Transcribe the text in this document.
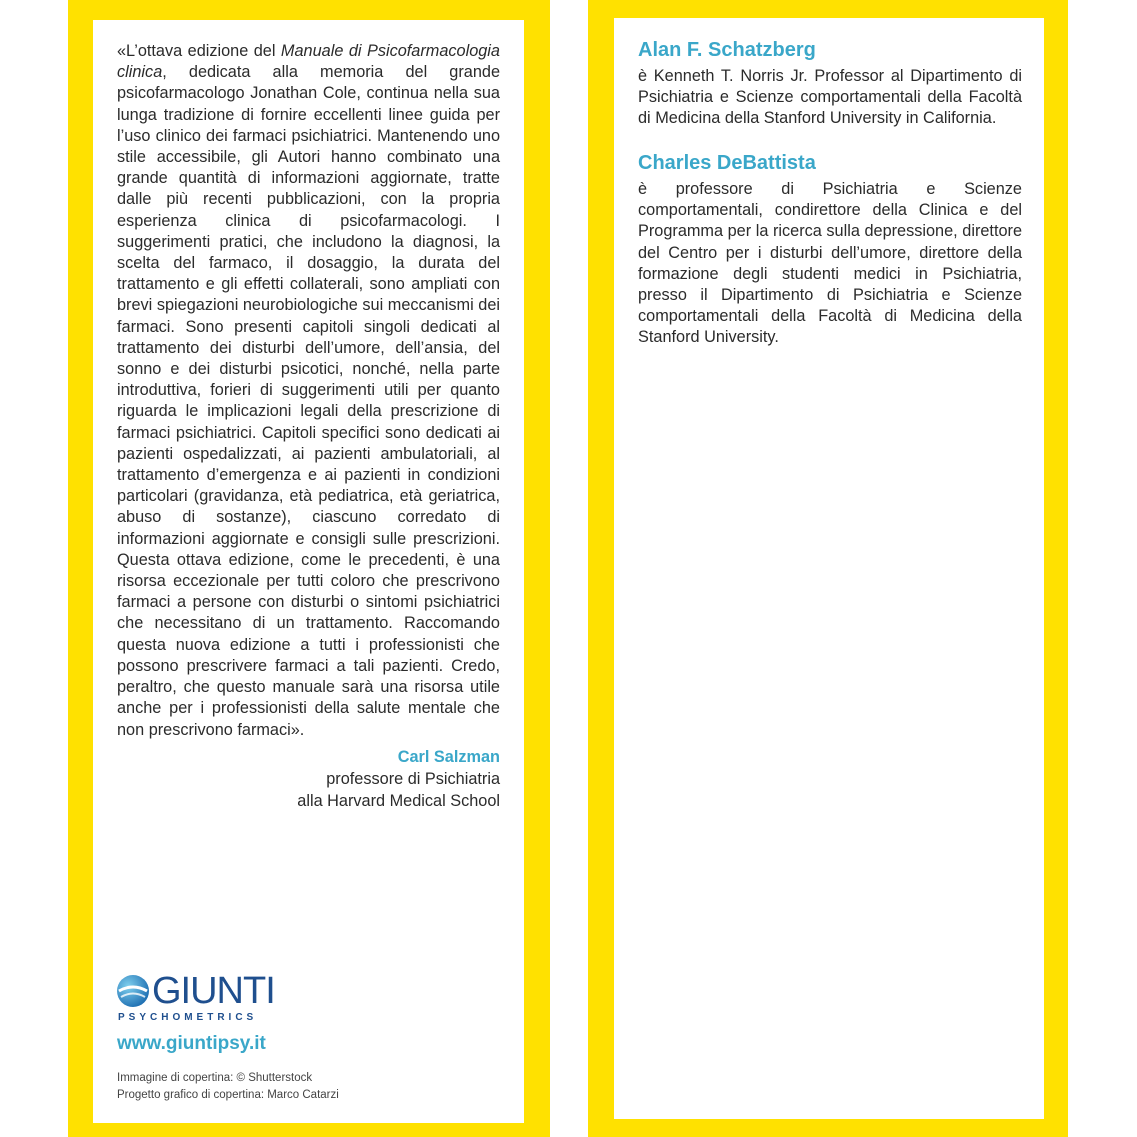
«L’ottava edizione del Manuale di Psicofarmacologia clinica, dedicata alla memoria del grande psicofarmacologo Jonathan Cole, continua nella sua lunga tradizione di fornire eccellenti linee guida per l’uso clinico dei farmaci psichiatrici. Mantenendo uno stile accessibile, gli Autori hanno combinato una grande quantità di informazioni aggiornate, tratte dalle più recenti pubblicazioni, con la propria esperienza clinica di psicofarmacologi. I suggerimenti pratici, che includono la diagnosi, la scelta del farmaco, il dosaggio, la durata del trattamento e gli effetti collaterali, sono ampliati con brevi spiegazioni neurobiologiche sui meccanismi dei farmaci. Sono presenti capitoli singoli dedicati al trattamento dei disturbi dell’umore, dell’ansia, del sonno e dei disturbi psicotici, nonché, nella parte introduttiva, forieri di suggerimenti utili per quanto riguarda le implicazioni legali della prescrizione di farmaci psichiatrici. Capitoli specifici sono dedicati ai pazienti ospedalizzati, ai pazienti ambulatoriali, al trattamento d’emergenza e ai pazienti in condizioni particolari (gravidanza, età pediatrica, età geriatrica, abuso di sostanze), ciascuno corredato di informazioni aggiornate e consigli sulle prescrizioni. Questa ottava edizione, come le precedenti, è una risorsa eccezionale per tutti coloro che prescrivono farmaci a persone con disturbi o sintomi psichiatrici che necessitano di un trattamento. Raccomando questa nuova edizione a tutti i professionisti che possono prescrivere farmaci a tali pazienti. Credo, peraltro, che questo manuale sarà una risorsa utile anche per i professionisti della salute mentale che non prescrivono farmaci».
Carl Salzman
professore di Psichiatria
alla Harvard Medical School
GIUNTI
PSYCHOMETRICS
www.giuntipsy.it
Immagine di copertina: © Shutterstock
Progetto grafico di copertina: Marco Catarzi
Alan F. Schatzberg
è Kenneth T. Norris Jr. Professor al Dipartimento di Psichiatria e Scienze comportamentali della Facoltà di Medicina della Stanford University in California.
Charles DeBattista
è professore di Psichiatria e Scienze comportamentali, condirettore della Clinica e del Programma per la ricerca sulla depressione, direttore del Centro per i disturbi dell’umore, direttore della formazione degli studenti medici in Psichiatria, presso il Dipartimento di Psichiatria e Scienze comportamentali della Facoltà di Medicina della Stanford University.
